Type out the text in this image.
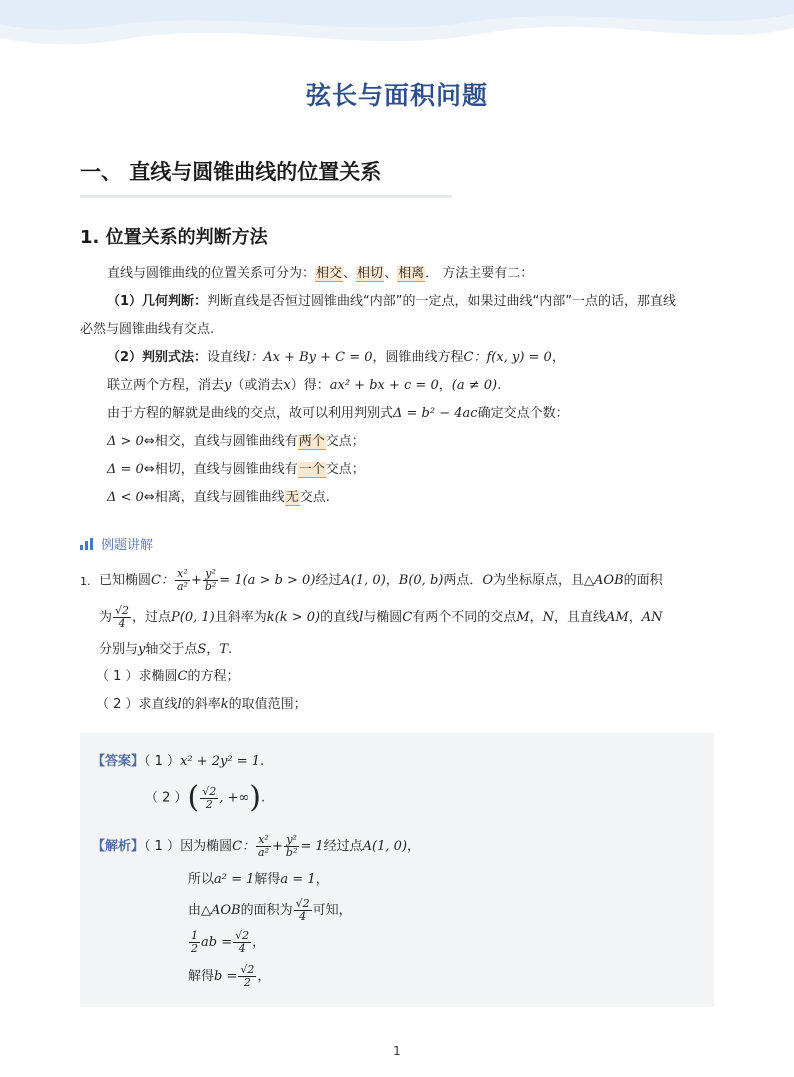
弦长与面积问题
一、 直线与圆锥曲线的位置关系
1. 位置关系的判断方法
直线与圆锥曲线的位置关系可分为：相交、相切、相离． 方法主要有二：
（1）几何判断：判断直线是否恒过圆锥曲线“内部”的一定点，如果过曲线“内部”一点的话，那直线
必然与圆锥曲线有交点.
（2）判别式法：设直线l：Ax + By + C = 0，圆锥曲线方程C：f(x, y) = 0，
联立两个方程，消去y（或消去x）得：ax² + bx + c = 0，(a ≠ 0).
由于方程的解就是曲线的交点，故可以利用判别式Δ = b² − 4ac确定交点个数：
Δ > 0⇔相交，直线与圆锥曲线有两个交点；
Δ = 0⇔相切，直线与圆锥曲线有一个交点；
Δ < 0⇔相离，直线与圆锥曲线无交点.
例题讲解
1. 已知椭圆C： $\frac{\text{x²}}{\text{a²}} + \frac{\text{y²}}{\text{b²}} = 1(a > b > 0)$经过A(1, 0)，B(0, b)两点．O为坐标原点，且△AOB的面积
为 $\frac{√2}{4}$ ，过点P(0, 1)且斜率为k(k > 0)的直线l与椭圆C有两个不同的交点M，N，且直线AM，AN
分别与y轴交于点S，T.
（ 1 ）求椭圆C的方程；
（ 2 ）求直线l的斜率k的取值范围；
【答案】（ 1 ）x² + 2y² = 1.
（ 2 ）( $\frac{√2}{2}$ , +∞).
【解析】（ 1 ）因为椭圆C： $\frac{\text{x²}}{\text{a²}} + \frac{\text{y²}}{\text{b²}} = 1$经过点A(1, 0)，
所以a² = 1解得a = 1，
由△AOB的面积为 $\frac{√2}{4}$ 可知，
$\frac{1}{2}$ ab = $\frac{√2}{4}$ ，
解得$b = \frac{√2}{2}$ ，
1
